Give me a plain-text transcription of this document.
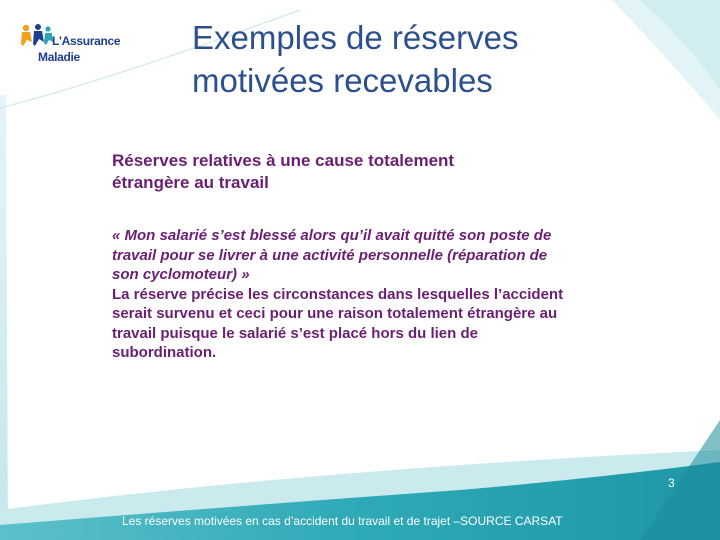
L'Assurance
Maladie
Exemples de réserves
motivées recevables
Réserves relatives à une cause totalement
étrangère au travail
« Mon salarié s’est blessé alors qu’il avait quitté son poste de
travail pour se livrer à une activité personnelle (réparation de
son cyclomoteur) »
La réserve précise les circonstances dans lesquelles l’accident
serait survenu et ceci pour une raison totalement étrangère au
travail puisque le salarié s’est placé hors du lien de
subordination.
3
Les réserves motivées en cas d’accident du travail et de trajet –SOURCE CARSAT
